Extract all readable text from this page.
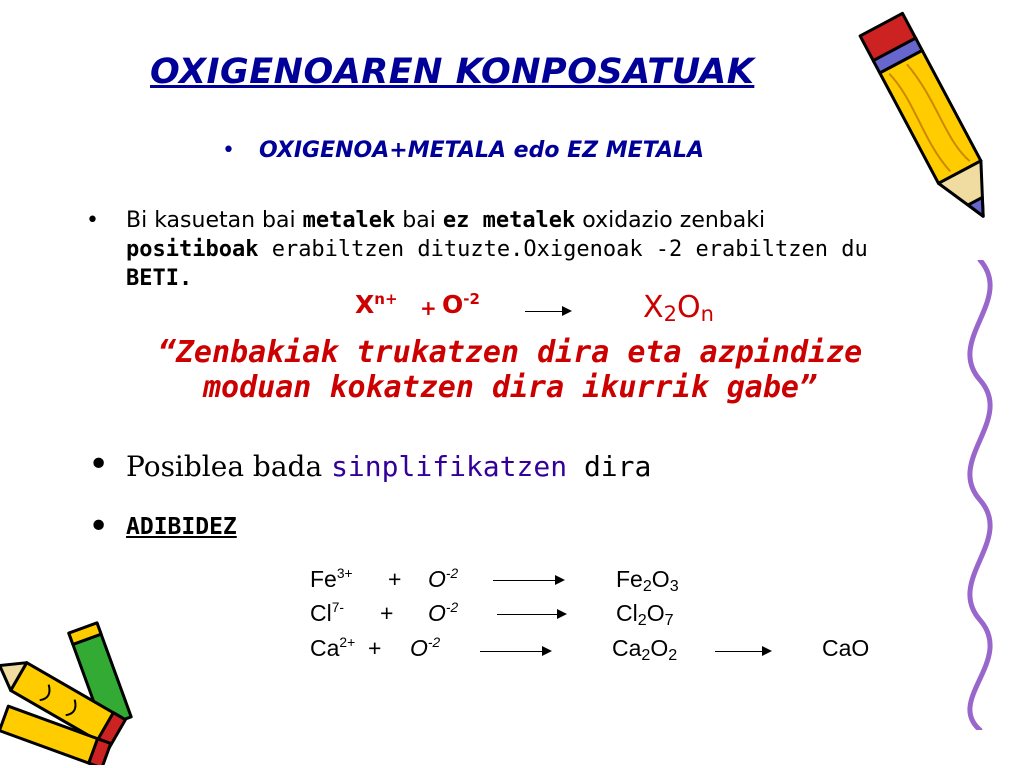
OXIGENOAREN KONPOSATUAK
• OXIGENOA+METALA edo EZ METALA
• Bi kasuetan bai metalek bai ez metalek oxidazio zenbaki positiboak erabiltzen dituzte.Oxigenoak -2 erabiltzen du BETI.
$X^{n+} + O^{-2}$	$X_2O_n$
“Zenbakiak trukatzen dira eta azpindize moduan kokatzen dira ikurrik gabe”
• Posiblea bada sinplifikatzen dira
• ADIBIDEZ
$Fe^{3+} + O^{-2}$	$Fe_2O_3$
$Cl^{7-} + O^{-2}$	$Cl_2O_7$
$Ca^{2+} + O^{-2}$	$Ca_2O_2$	CaO
